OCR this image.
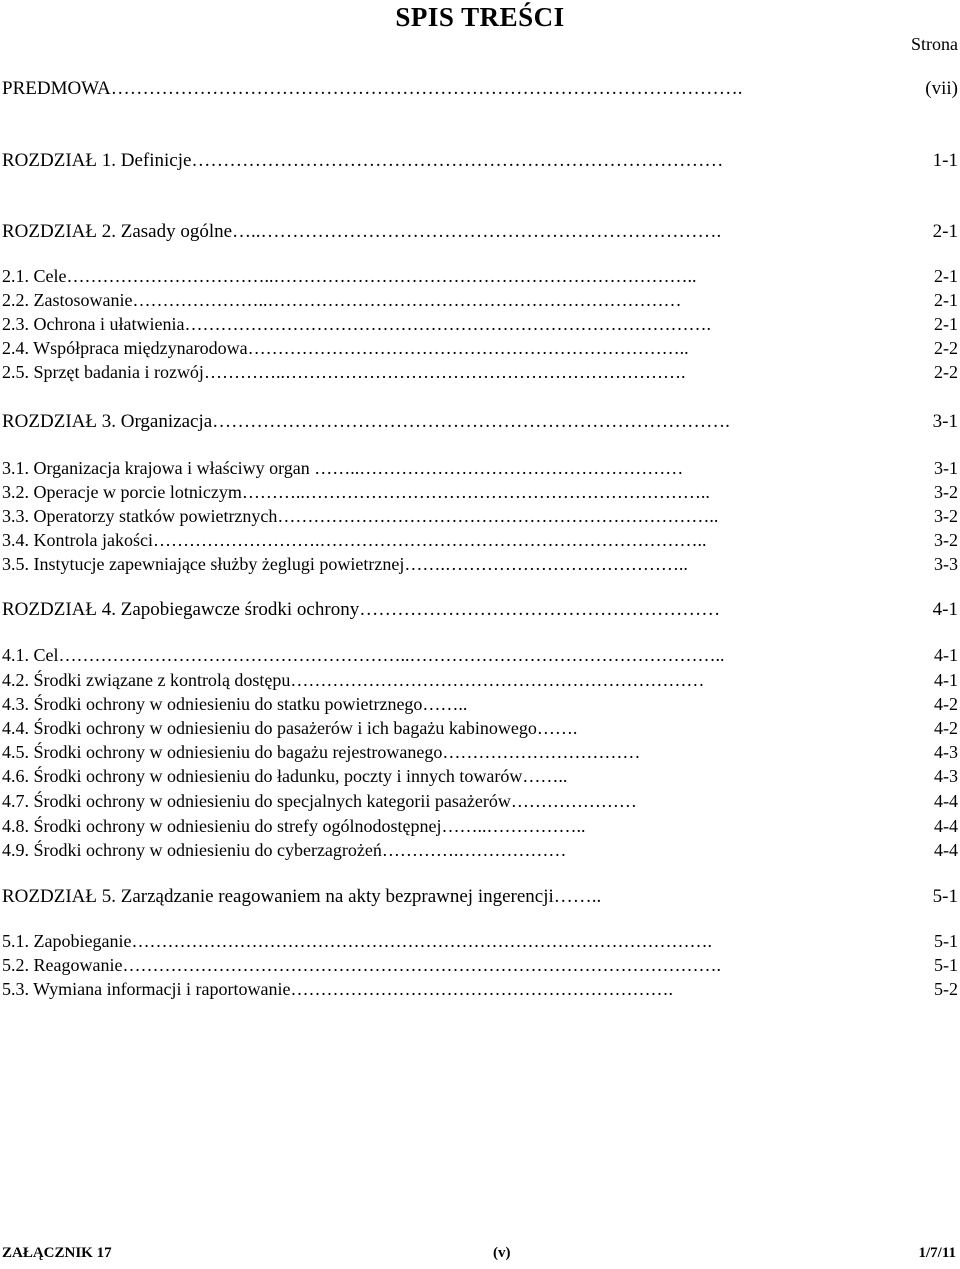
SPIS TREŚCI
Strona
PREDMOWA……………………………………………………………………………………….	(vii)
ROZDZIAŁ 1. Definicje…………………………………………………………………………	1-1
ROZDZIAŁ 2. Zasady ogólne…..……………………………………………………………….	2-1
2.1. Cele……………………………..……………………………………………………………..	2-1
2.2. Zastosowanie…………………..……………………………………………………………	2-1
2.3. Ochrona i ułatwienia…………………………………………………………………………….	2-1
2.4. Współpraca międzynarodowa………………………………………………………………..	2-2
2.5. Sprzęt badania i rozwój…………..………………………………………………………….	2-2
ROZDZIAŁ 3. Organizacja……………………………………………………………………….	3-1
3.1. Organizacja krajowa i właściwy organ ……..………………………………………………	3-1
3.2. Operacje w porcie lotniczym………..…………………………………………………………..	3-2
3.3. Operatorzy statków powietrznych………………………………………………………………..	3-2
3.4. Kontrola jakości……………………….………………………………………………………..	3-2
3.5. Instytucje zapewniające służby żeglugi powietrznej…….…………………………………..	3-3
ROZDZIAŁ 4. Zapobiegawcze środki ochrony…………………………………………………	4-1
4.1. Cel…………………………………………………..……………………………………………..	4-1
4.2. Środki związane z kontrolą dostępu……………………………………………………………	4-1
4.3. Środki ochrony w odniesieniu do statku powietrznego……..	4-2
4.4. Środki ochrony w odniesieniu do pasażerów i ich bagażu kabinowego…….	4-2
4.5. Środki ochrony w odniesieniu do bagażu rejestrowanego……………………………	4-3
4.6. Środki ochrony w odniesieniu do ładunku, poczty i innych towarów……..	4-3
4.7. Środki ochrony w odniesieniu do specjalnych kategorii pasażerów…………………	4-4
4.8. Środki ochrony w odniesieniu do strefy ogólnodostępnej……..……………..	4-4
4.9. Środki ochrony w odniesieniu do cyberzagrożeń………….………………	4-4
ROZDZIAŁ 5. Zarządzanie reagowaniem na akty bezprawnej ingerencji……..	5-1
5.1. Zapobieganie…………………………………………………………………………………….	5-1
5.2. Reagowanie……………………………………………………………………………………….	5-1
5.3. Wymiana informacji i raportowanie……………………………………………………….	5-2
ZAŁĄCZNIK 17	(v)	1/7/11
